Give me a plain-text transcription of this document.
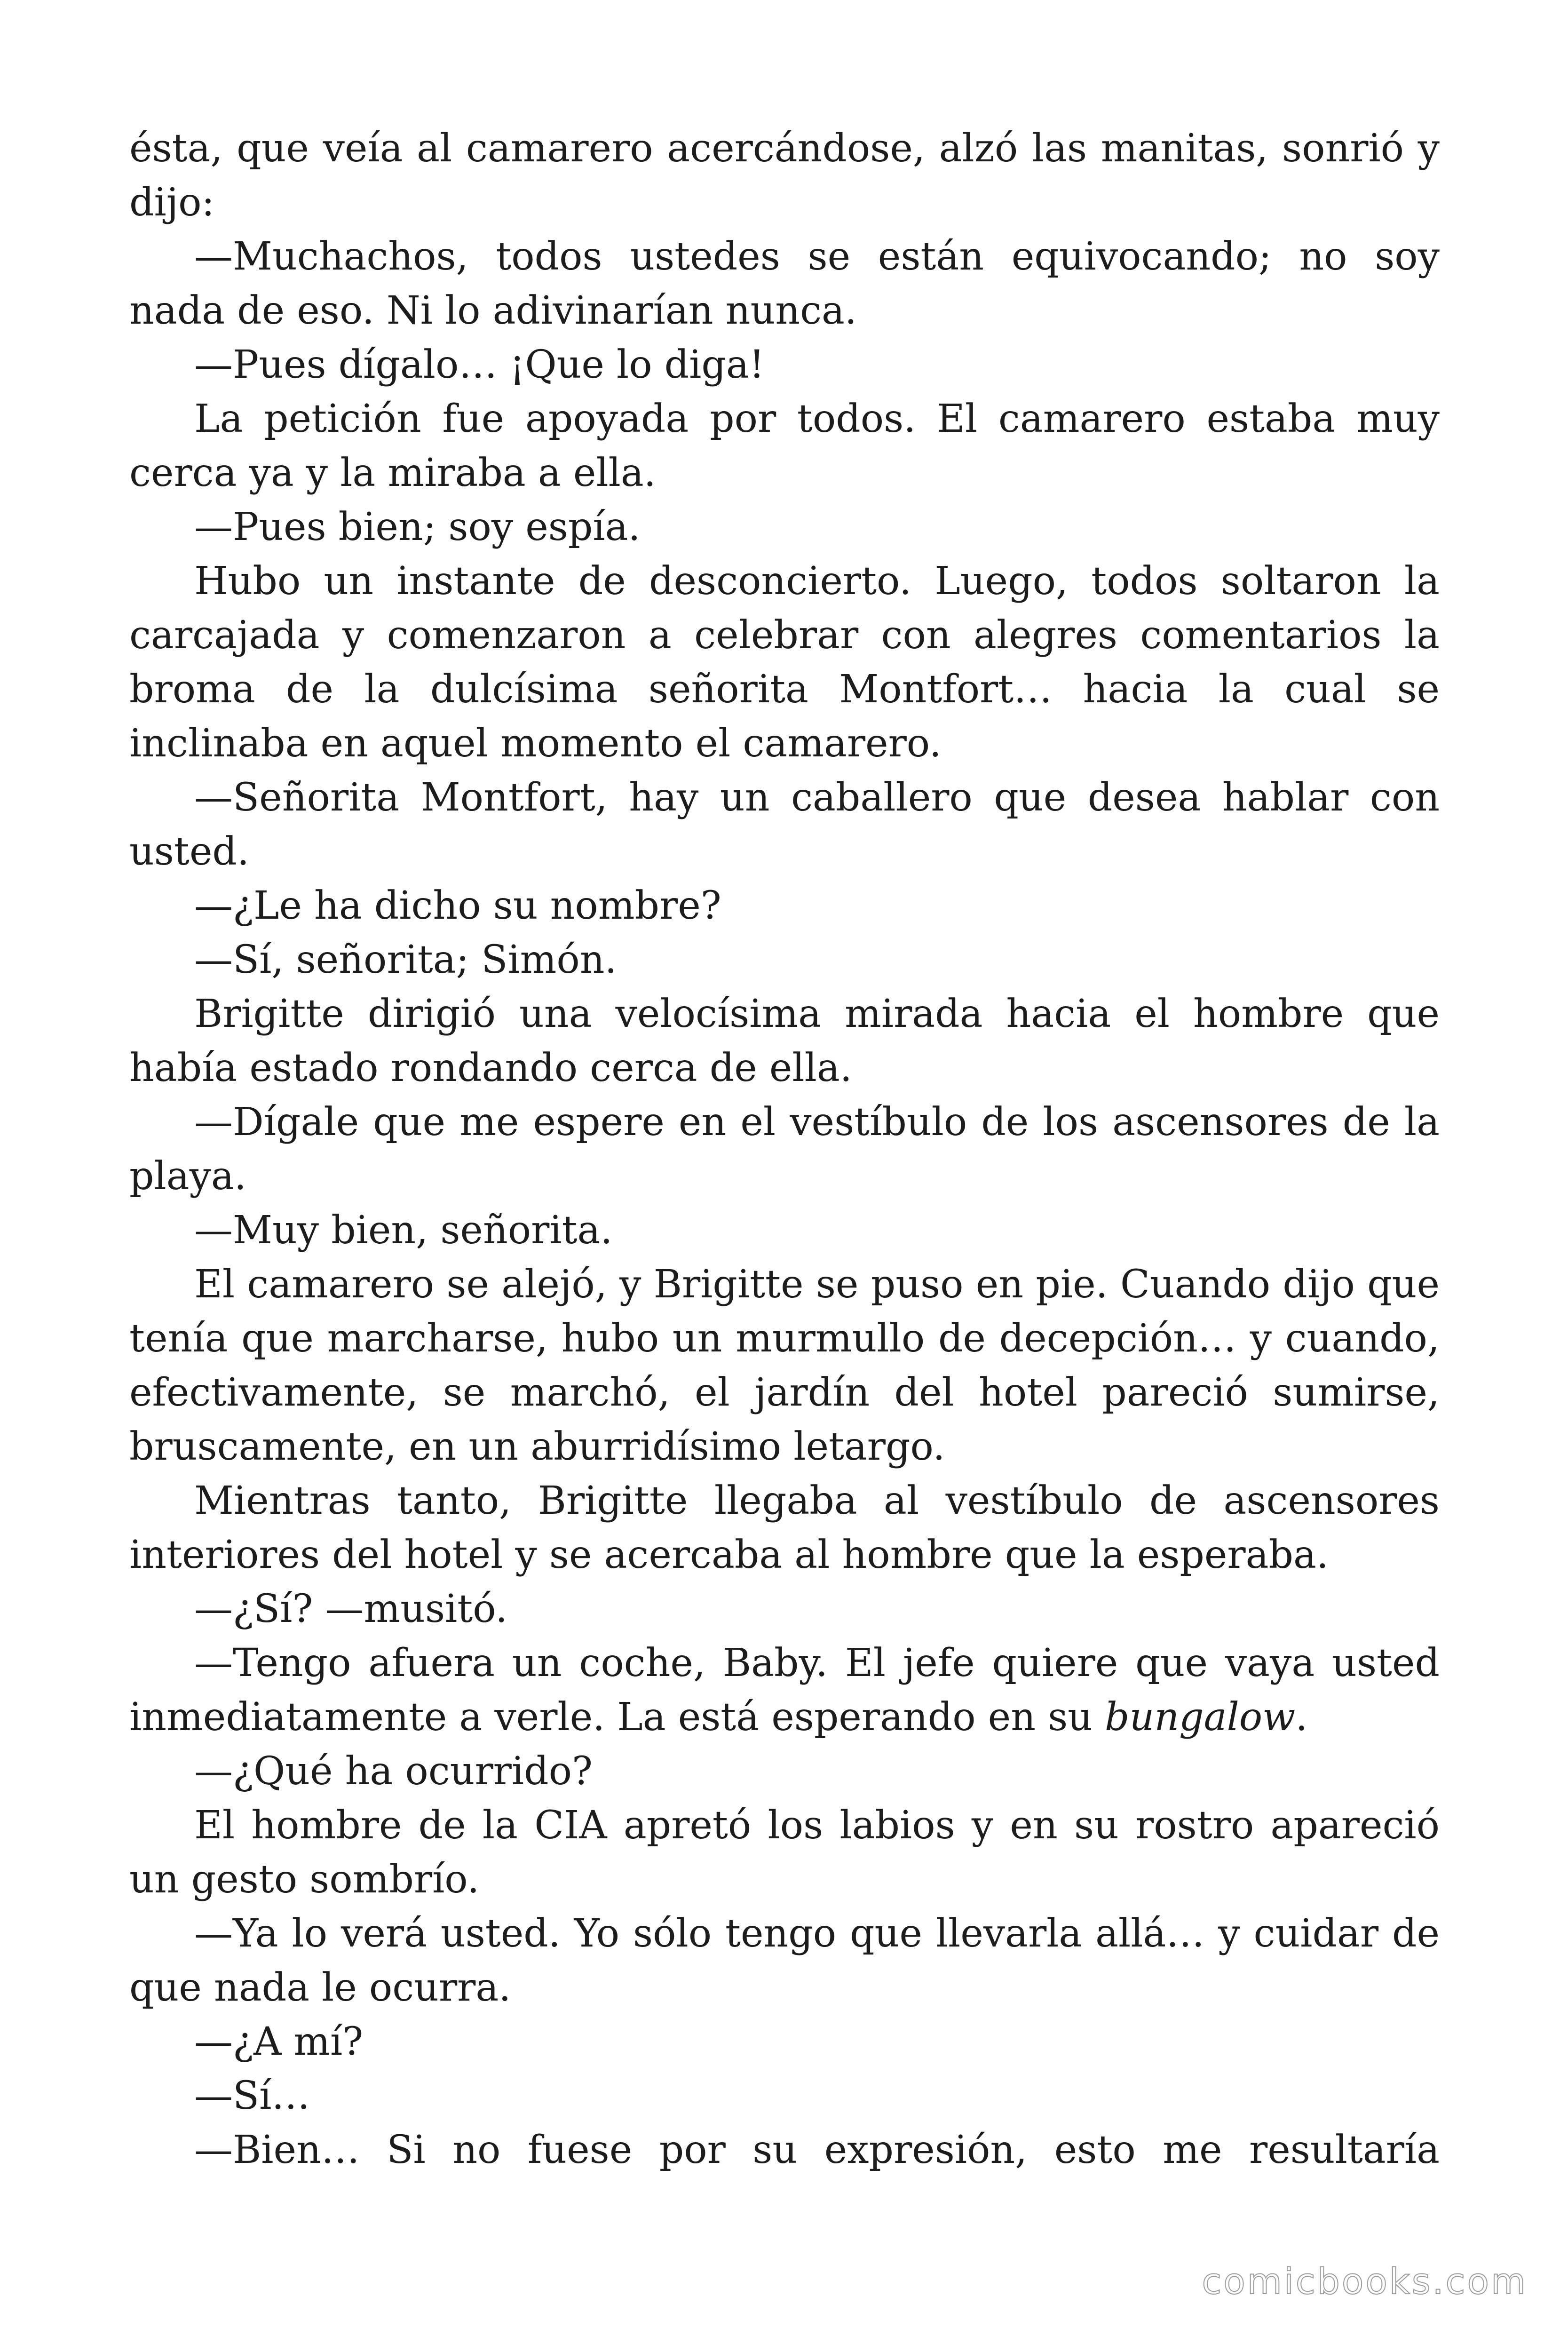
ésta, que veía al camarero acercándose, alzó las manitas, sonrió y dijo:

—Muchachos, todos ustedes se están equivocando; no soy nada de eso. Ni lo adivinarían nunca.

—Pues dígalo… ¡Que lo diga!

La petición fue apoyada por todos. El camarero estaba muy cerca ya y la miraba a ella.

—Pues bien; soy espía.

Hubo un instante de desconcierto. Luego, todos soltaron la carcajada y comenzaron a celebrar con alegres comentarios la broma de la dulcísima señorita Montfort… hacia la cual se inclinaba en aquel momento el camarero.

—Señorita Montfort, hay un caballero que desea hablar con usted.

—¿Le ha dicho su nombre?

—Sí, señorita; Simón.

Brigitte dirigió una velocísima mirada hacia el hombre que había estado rondando cerca de ella.

—Dígale que me espere en el vestíbulo de los ascensores de la playa.

—Muy bien, señorita.

El camarero se alejó, y Brigitte se puso en pie. Cuando dijo que tenía que marcharse, hubo un murmullo de decepción… y cuando, efectivamente, se marchó, el jardín del hotel pareció sumirse, bruscamente, en un aburridísimo letargo.

Mientras tanto, Brigitte llegaba al vestíbulo de ascensores interiores del hotel y se acercaba al hombre que la esperaba.

—¿Sí? —musitó.

—Tengo afuera un coche, Baby. El jefe quiere que vaya usted inmediatamente a verle. La está esperando en su bungalow.

—¿Qué ha ocurrido?

El hombre de la CIA apretó los labios y en su rostro apareció un gesto sombrío.

—Ya lo verá usted. Yo sólo tengo que llevarla allá… y cuidar de que nada le ocurra.

—¿A mí?

—Sí…

—Bien… Si no fuese por su expresión, esto me resultaría

comicbooks.com
